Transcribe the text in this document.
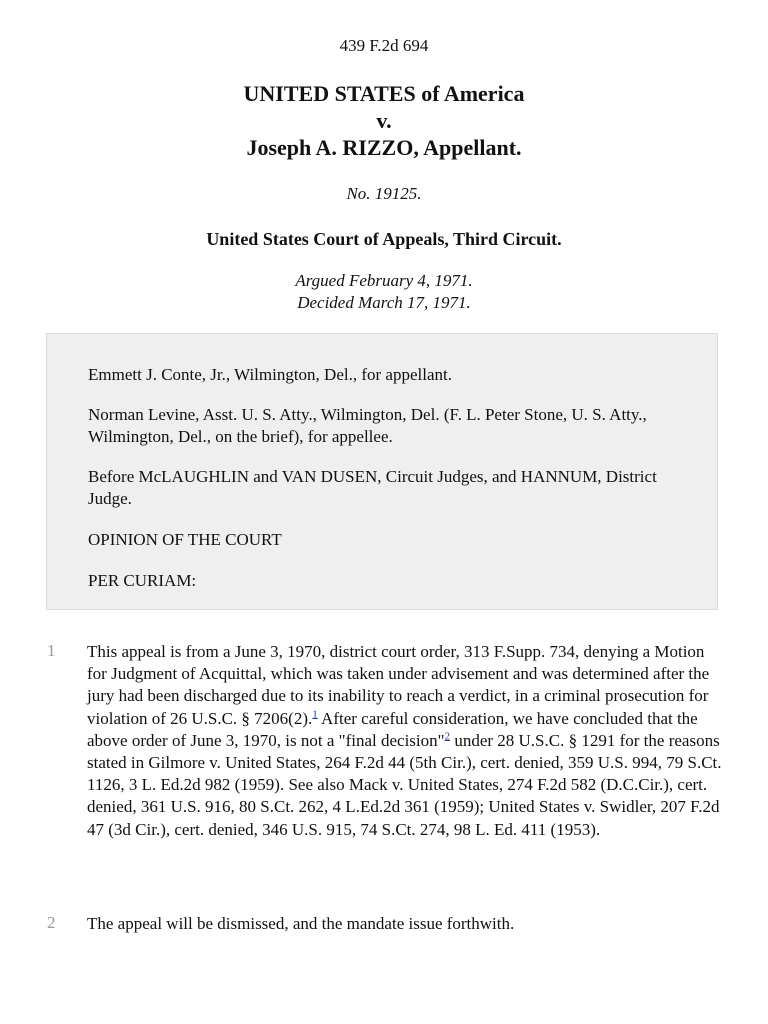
439 F.2d 694
UNITED STATES of America
v.
Joseph A. RIZZO, Appellant.
No. 19125.
United States Court of Appeals, Third Circuit.
Argued February 4, 1971.
Decided March 17, 1971.

Emmett J. Conte, Jr., Wilmington, Del., for appellant.

Norman Levine, Asst. U. S. Atty., Wilmington, Del. (F. L. Peter Stone, U. S. Atty., Wilmington, Del., on the brief), for appellee.

Before McLAUGHLIN and VAN DUSEN, Circuit Judges, and HANNUM, District Judge.

OPINION OF THE COURT

PER CURIAM:

1 This appeal is from a June 3, 1970, district court order, 313 F.Supp. 734, denying a Motion for Judgment of Acquittal, which was taken under advisement and was determined after the jury had been discharged due to its inability to reach a verdict, in a criminal prosecution for violation of 26 U.S.C. § 7206(2).$^1$ After careful consideration, we have concluded that the above order of June 3, 1970, is not a "final decision"$^2$ under 28 U.S.C. § 1291 for the reasons stated in Gilmore v. United States, 264 F.2d 44 (5th Cir.), cert. denied, 359 U.S. 994, 79 S.Ct. 1126, 3 L. Ed.2d 982 (1959). See also Mack v. United States, 274 F.2d 582 (D.C.Cir.), cert. denied, 361 U.S. 916, 80 S.Ct. 262, 4 L.Ed.2d 361 (1959); United States v. Swidler, 207 F.2d 47 (3d Cir.), cert. denied, 346 U.S. 915, 74 S.Ct. 274, 98 L. Ed. 411 (1953).

2 The appeal will be dismissed, and the mandate issue forthwith.
